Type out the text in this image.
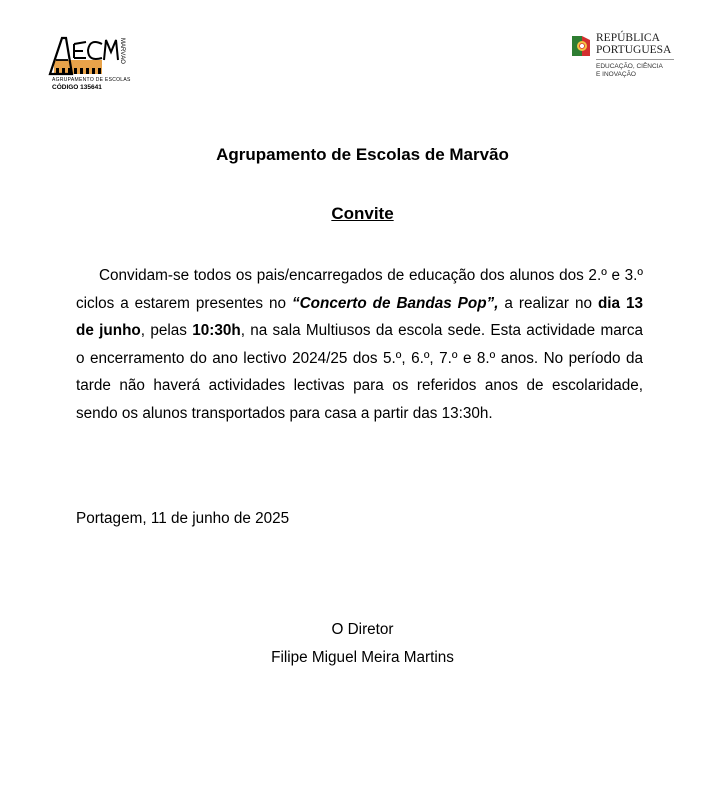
MARVÃO
AGRUPAMENTO DE ESCOLAS
CÓDIGO 135641
REPÚBLICA
PORTUGUESA
EDUCAÇÃO, CIÊNCIA
E INOVAÇÃO
Agrupamento de Escolas de Marvão
Convite

Convidam-se todos os pais/encarregados de educação dos alunos dos 2.º e 3.º ciclos a estarem presentes no “Concerto de Bandas Pop”, a realizar no dia 13 de junho, pelas 10:30h, na sala Multiusos da escola sede. Esta actividade marca o encerramento do ano lectivo 2024/25 dos 5.º, 6.º, 7.º e 8.º anos. No período da tarde não haverá actividades lectivas para os referidos anos de escolaridade, sendo os alunos transportados para casa a partir das 13:30h.

Portagem, 11 de junho de 2025
O Diretor
Filipe Miguel Meira Martins
